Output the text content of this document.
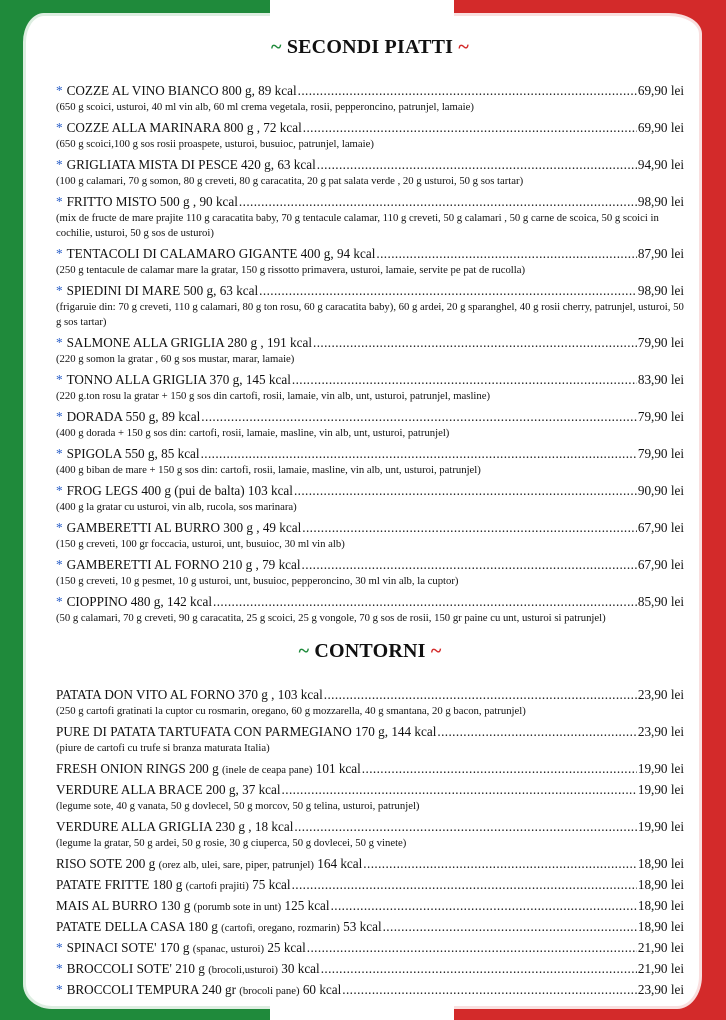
~ SECONDI PIATTI ~
* COZZE AL VINO BIANCO 800 g, 89 kcal .....	69,90 lei
(650 g scoici, usturoi, 40 ml vin alb, 60 ml crema vegetala, rosii, pepperoncino, patrunjel, lamaie)
* COZZE ALLA MARINARA 800 g , 72 kcal .....	69,90 lei
(650 g scoici,100 g sos rosii proaspete, usturoi, busuioc, patrunjel, lamaie)
* GRIGLIATA MISTA DI PESCE 420 g, 63 kcal .....	94,90 lei
(100 g calamari, 70 g somon, 80 g creveti, 80 g caracatita, 20 g pat salata verde , 20 g usturoi, 50 g sos tartar)
* FRITTO MISTO 500 g , 90 kcal .....	98,90 lei
(mix de fructe de mare prajite 110 g caracatita baby, 70 g tentacule calamar, 110 g creveti, 50 g calamari , 50 g carne de scoica, 50 g scoici in cochilie, usturoi, 50 g sos de usturoi)
* TENTACOLI DI CALAMARO GIGANTE 400 g, 94 kcal .....	87,90 lei
(250 g tentacule de calamar mare la gratar, 150 g rissotto primavera, usturoi, lamaie, servite pe pat de rucolla)
* SPIEDINI DI MARE 500 g, 63 kcal .....	98,90 lei
(frigaruie din: 70 g creveti, 110 g calamari, 80 g ton rosu, 60 g caracatita baby), 60 g ardei, 20 g sparanghel, 40 g rosii cherry, patrunjel, usturoi, 50 g sos tartar)
* SALMONE ALLA GRIGLIA 280 g , 191 kcal .....	79,90 lei
(220 g somon la gratar , 60 g sos mustar, marar, lamaie)
* TONNO ALLA GRIGLIA 370 g, 145 kcal .....	83,90 lei
(220 g.ton rosu la gratar + 150 g sos din cartofi, rosii, lamaie, vin alb, unt, usturoi, patrunjel, masline)
* DORADA 550 g, 89 kcal .....	79,90 lei
(400 g dorada + 150 g sos din: cartofi, rosii, lamaie, masline, vin alb, unt, usturoi, patrunjel)
* SPIGOLA 550 g, 85 kcal .....	79,90 lei
(400 g biban de mare + 150 g sos din: cartofi, rosii, lamaie, masline, vin alb, unt, usturoi, patrunjel)
* FROG LEGS 400 g (pui de balta) 103 kcal .....	90,90 lei
(400 g la gratar cu usturoi, vin alb, rucola, sos marinara)
* GAMBERETTI AL BURRO 300 g , 49 kcal .....	67,90 lei
(150 g creveti, 100 gr foccacia, usturoi, unt, busuioc, 30 ml vin alb)
* GAMBERETTI AL FORNO 210 g , 79 kcal .....	67,90 lei
(150 g creveti, 10 g pesmet, 10 g usturoi, unt, busuioc, pepperoncino, 30 ml vin alb, la cuptor)
* CIOPPINO 480 g, 142 kcal .....	85,90 lei
(50 g calamari, 70 g creveti, 90 g caracatita, 25 g scoici, 25 g vongole, 70 g sos de rosii, 150 gr paine cu unt, usturoi si patrunjel)
~ CONTORNI ~
PATATA DON VITO AL FORNO 370 g , 103 kcal .....	23,90 lei
(250 g cartofi gratinati la cuptor cu rosmarin, oregano, 60 g mozzarella, 40 g smantana, 20 g bacon, patrunjel)
PURE DI PATATA TARTUFATA CON PARMEGIANO 170 g, 144 kcal .....	23,90 lei
(piure de cartofi cu trufe si branza maturata Italia)
FRESH ONION RINGS 200 g (inele de ceapa pane) 101 kcal .....	19,90 lei
VERDURE ALLA BRACE 200 g, 37 kcal .....	19,90 lei
(legume sote, 40 g vanata, 50 g dovlecel, 50 g morcov, 50 g telina, usturoi, patrunjel)
VERDURE ALLA GRIGLIA 230 g , 18 kcal .....	19,90 lei
(legume la gratar, 50 g ardei, 50 g rosie, 30 g ciuperca, 50 g dovlecei, 50 g vinete)
RISO SOTE 200 g (orez alb, ulei, sare, piper, patrunjel) 164 kcal .....	18,90 lei
PATATE FRITTE 180 g (cartofi prajiti) 75 kcal .....	18,90 lei
MAIS AL BURRO 130 g (porumb sote in unt) 125 kcal .....	18,90 lei
PATATE DELLA CASA 180 g (cartofi, oregano, rozmarin) 53 kcal .....	18,90 lei
* SPINACI SOTE' 170 g (spanac, usturoi) 25 kcal .....	21,90 lei
* BROCCOLI SOTE' 210 g (brocoli,usturoi) 30 kcal .....	21,90 lei
* BROCCOLI TEMPURA 240 gr (brocoli pane) 60 kcal .....	23,90 lei
